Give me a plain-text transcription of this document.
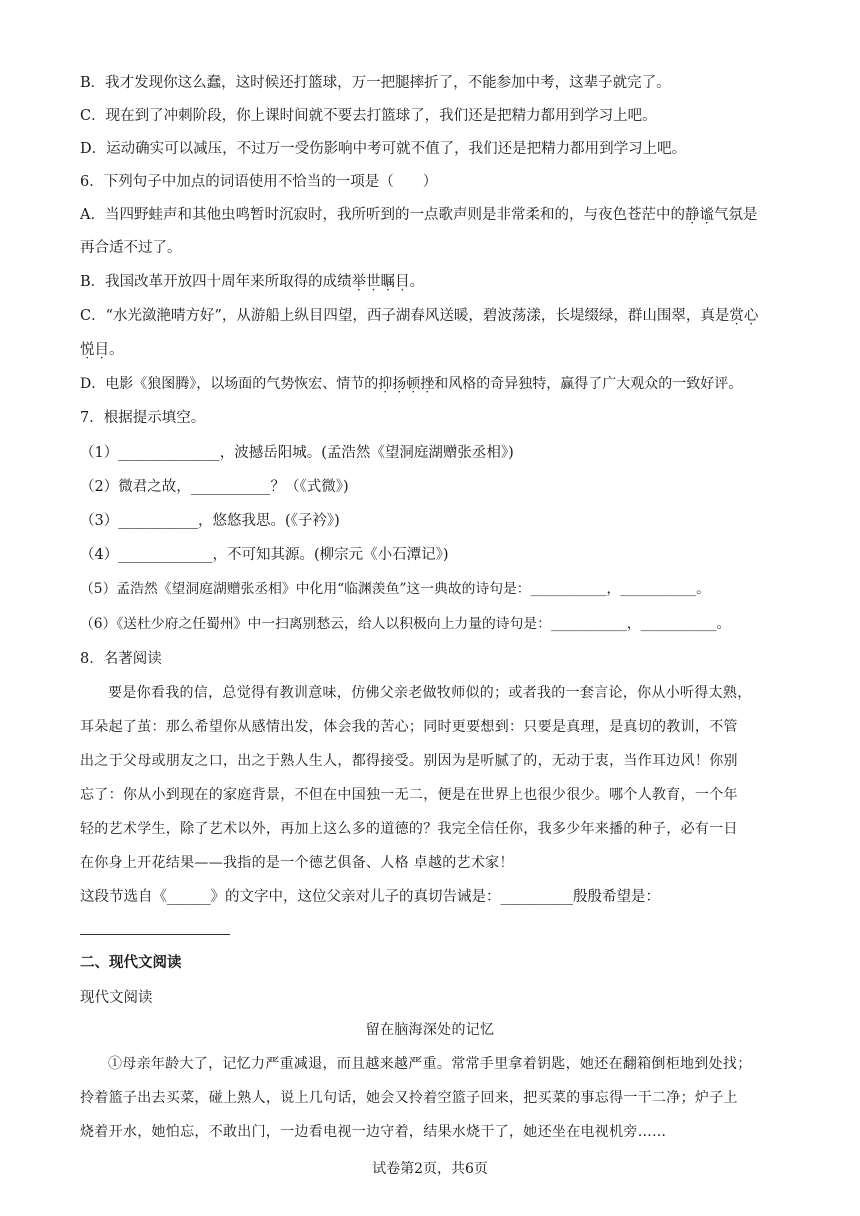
B．我才发现你这么蠢，这时候还打篮球，万一把腿摔折了，不能参加中考，这辈子就完了。
C．现在到了冲刺阶段，你上课时间就不要去打篮球了，我们还是把精力都用到学习上吧。
D．运动确实可以减压，不过万一受伤影响中考可就不值了，我们还是把精力都用到学习上吧。
6．下列句子中加点的词语使用不恰当的一项是（　　）
A．当四野蛙声和其他虫鸣暂时沉寂时，我所听到的一点歌声则是非常柔和的，与夜色苍茫中的静谧气氛是
再合适不过了。
B．我国改革开放四十周年来所取得的成绩举世瞩目。
C．“水光潋滟晴方好”，从游船上纵目四望，西子湖春风送暖，碧波荡漾，长堤缀绿，群山围翠，真是赏心
悦目。
D．电影《狼图腾》，以场面的气势恢宏、情节的抑扬顿挫和风格的奇异独特，赢得了广大观众的一致好评。
7．根据提示填空。
（1）______________，波撼岳阳城。(孟浩然《望洞庭湖赠张丞相》)
（2）微君之故，___________？（《式微》)
（3）___________，悠悠我思。(《子衿》)
（4）_____________，不可知其源。(柳宗元《小石潭记》)
（5）孟浩然《望洞庭湖赠张丞相》中化用“临渊羡鱼”这一典故的诗句是：___________，___________。
（6）《送杜少府之任蜀州》中一扫离别愁云，给人以积极向上力量的诗句是：___________，___________。
8．名著阅读
要是你看我的信，总觉得有教训意味，仿佛父亲老做牧师似的；或者我的一套言论，你从小听得太熟，
耳朵起了茧：那么希望你从感情出发，体会我的苦心；同时更要想到：只要是真理，是真切的教训，不管
出之于父母或朋友之口，出之于熟人生人，都得接受。别因为是听腻了的，无动于衷，当作耳边风！你别
忘了：你从小到现在的家庭背景，不但在中国独一无二，便是在世界上也很少很少。哪个人教育，一个年
轻的艺术学生，除了艺术以外，再加上这么多的道德的？我完全信任你，我多少年来播的种子，必有一日
在你身上开花结果——我指的是一个德艺俱备、人格 卓越的艺术家！
这段节选自《______》的文字中，这位父亲对儿子的真切告诫是：__________殷殷希望是：
二、现代文阅读
现代文阅读
留在脑海深处的记忆
①母亲年龄大了，记忆力严重减退，而且越来越严重。常常手里拿着钥匙，她还在翻箱倒柜地到处找；
拎着篮子出去买菜，碰上熟人，说上几句话，她会又拎着空篮子回来，把买菜的事忘得一干二净；炉子上
烧着开水，她怕忘，不敢出门，一边看电视一边守着，结果水烧干了，她还坐在电视机旁……
试卷第2页，共6页
